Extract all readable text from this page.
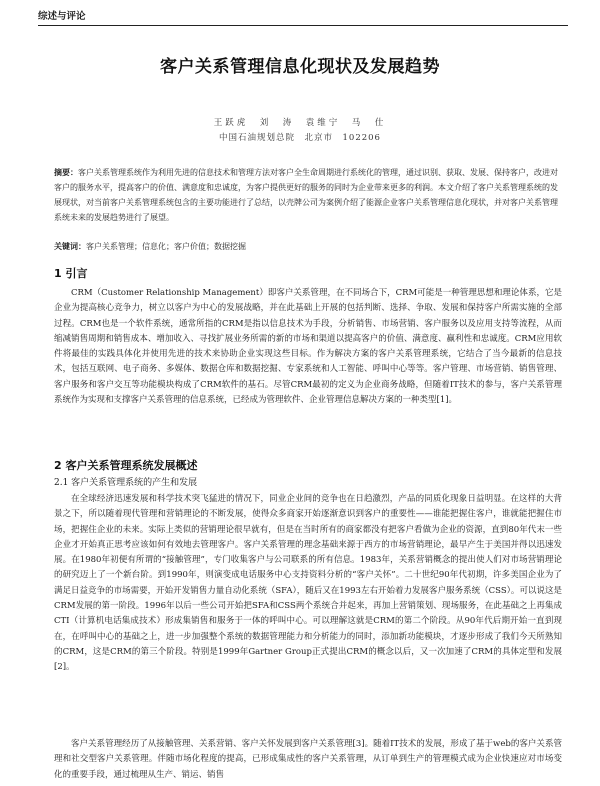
综述与评论
客户关系管理信息化现状及发展趋势
王跃虎　刘　涛　袁维宁　马　仕
中国石油规划总院　北京市　102206
摘要：客户关系管理系统作为利用先进的信息技术和管理方法对客户全生命周期进行系统化的管理，通过识别、获取、发展、保持客户，改进对客户的服务水平，提高客户的价值、满意度和忠诚度，为客户提供更好的服务的同时为企业带来更多的利润。本文介绍了客户关系管理系统的发展现状，对当前客户关系管理系统包含的主要功能进行了总结，以壳牌公司为案例介绍了能源企业客户关系管理信息化现状，并对客户关系管理系统未来的发展趋势进行了展望。
关键词：客户关系管理；信息化；客户价值；数据挖掘
1 引言

CRM（Customer Relationship Management）即客户关系管理，在不同场合下，CRM可能是一种管理思想和理论体系，它是企业为提高核心竞争力，树立以客户为中心的发展战略，并在此基础上开展的包括判断、选择、争取、发展和保持客户所需实施的全部过程。CRM也是一个软件系统，通常所指的CRM是指以信息技术为手段，分析销售、市场营销、客户服务以及应用支持等流程，从而缩减销售周期和销售成本、增加收入、寻找扩展业务所需的新的市场和渠道以提高客户的价值、满意度、赢利性和忠诚度。CRM应用软件将最佳的实践具体化并使用先进的技术来协助企业实现这些目标。作为解决方案的客户关系管理系统，它结合了当今最新的信息技术，包括互联网、电子商务、多媒体、数据仓库和数据挖掘、专家系统和人工智能、呼叫中心等等。客户管理、市场营销、销售管理、客户服务和客户交互等功能模块构成了CRM软件的基石。尽管CRM最初的定义为企业商务战略，但随着IT技术的参与，客户关系管理系统作为实现和支撑客户关系管理的信息系统，已经成为管理软件、企业管理信息解决方案的一种类型[1]。

2 客户关系管理系统发展概述
2.1 客户关系管理系统的产生和发展

在全球经济迅速发展和科学技术突飞猛进的情况下，同业企业间的竞争也在日趋激烈，产品的同质化现象日益明显。在这样的大背景之下，所以随着现代管理和营销理论的不断发展，使得众多商家开始逐渐意识到客户的重要性——谁能把握住客户，谁就能把握住市场，把握住企业的未来。实际上类似的营销理论很早就有，但是在当时所有的商家都没有把客户看做为企业的资源，直到80年代末一些企业才开始真正思考应该如何有效地去管理客户。客户关系管理的理念基础来源于西方的市场营销理论，最早产生于美国并得以迅速发展。在1980年初便有所谓的“接触管理”，专门收集客户与公司联系的所有信息。1983年，关系营销概念的提出使人们对市场营销理论的研究迈上了一个新台阶。到1990年，则演变成电话服务中心支持资料分析的“客户关怀”。二十世纪90年代初期，许多美国企业为了满足日益竞争的市场需要，开始开发销售力量自动化系统（SFA），随后又在1993左右开始着力发展客户服务系统（CSS）。可以说这是CRM发展的第一阶段。1996年以后一些公司开始把SFA和CSS两个系统合并起来，再加上营销策划、现场服务，在此基础之上再集成CTI（计算机电话集成技术）形成集销售和服务于一体的呼叫中心。可以理解这就是CRM的第二个阶段。从90年代后期开始一直到现在，在呼叫中心的基础之上，进一步加强整个系统的数据管理能力和分析能力的同时，添加新功能模块，才逐步形成了我们今天所熟知的CRM，这是CRM的第三个阶段。特别是1999年Gartner Group正式提出CRM的概念以后，又一次加速了CRM的具体定型和发展[2]。

客户关系管理经历了从接触管理、关系营销、客户关怀发展到客户关系管理[3]。随着IT技术的发展，形成了基于web的客户关系管理和社交型客户关系管理。伴随市场化程度的提高，已形成集成性的客户关系管理，从订单到生产的管理模式成为企业快速应对市场变化的重要手段，通过梳理从生产、销运、销售
